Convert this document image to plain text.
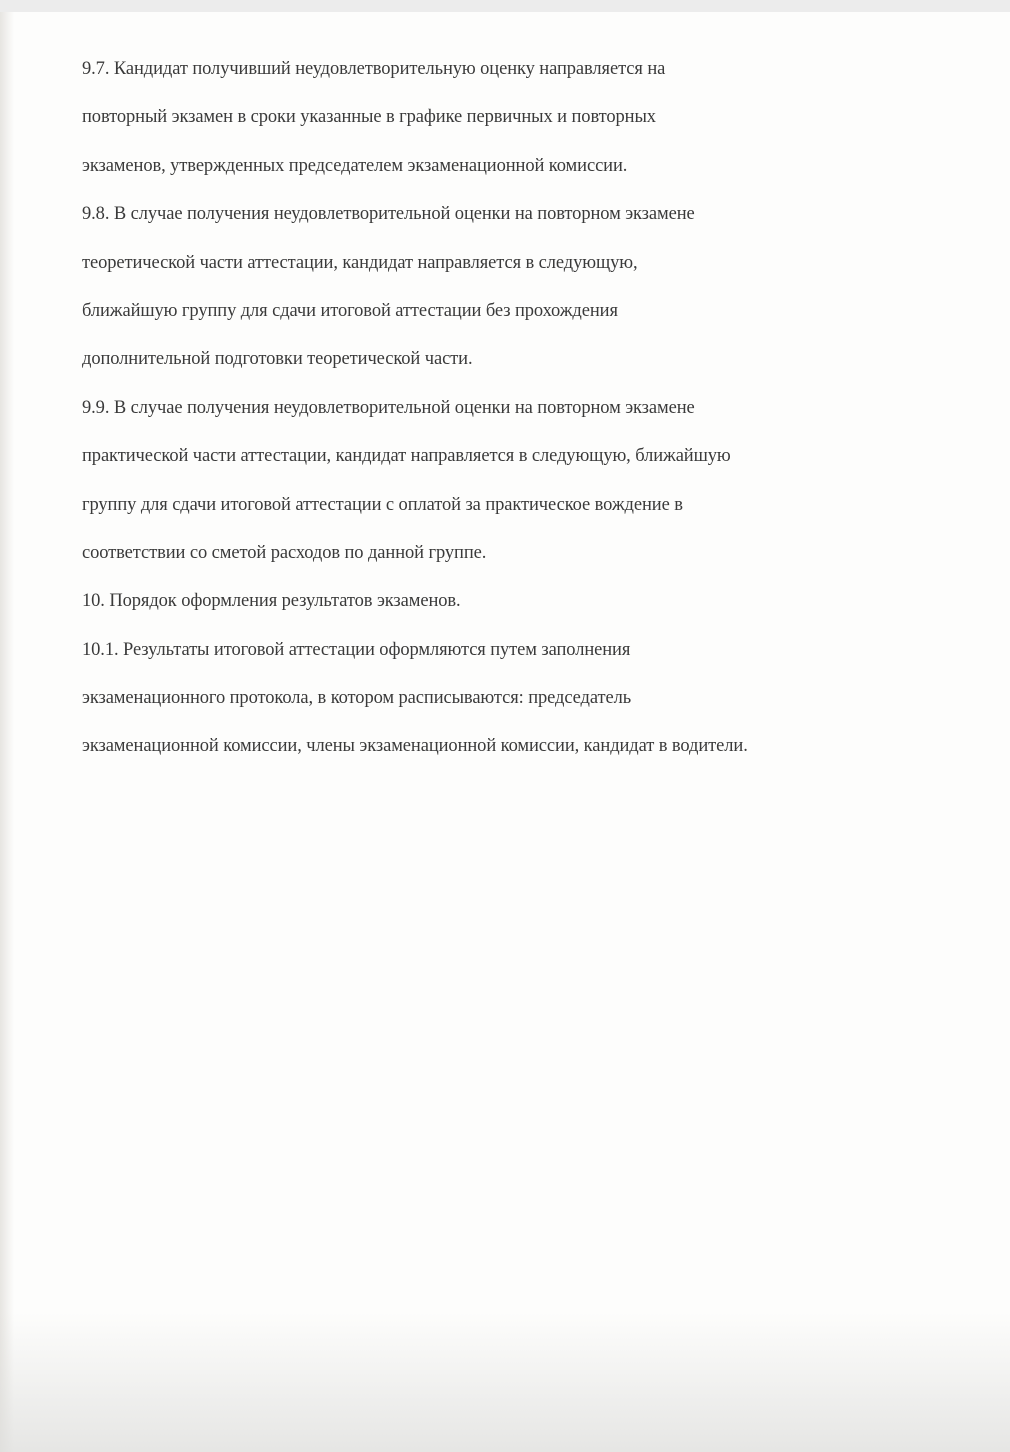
9.7. Кандидат получивший неудовлетворительную оценку направляется на
повторный экзамен в сроки указанные в графике первичных и повторных
экзаменов, утвержденных председателем экзаменационной комиссии.
9.8. В случае получения неудовлетворительной оценки на повторном экзамене
теоретической части аттестации, кандидат направляется в следующую,
ближайшую группу для сдачи итоговой аттестации без прохождения
дополнительной подготовки теоретической части.
9.9. В случае получения неудовлетворительной оценки на повторном экзамене
практической части аттестации, кандидат направляется в следующую, ближайшую
группу для сдачи итоговой аттестации с оплатой за практическое вождение в
соответствии со сметой расходов по данной группе.
10. Порядок оформления результатов экзаменов.
10.1. Результаты итоговой аттестации оформляются путем заполнения
экзаменационного протокола, в котором расписываются: председатель
экзаменационной комиссии, члены экзаменационной комиссии, кандидат в водители.
